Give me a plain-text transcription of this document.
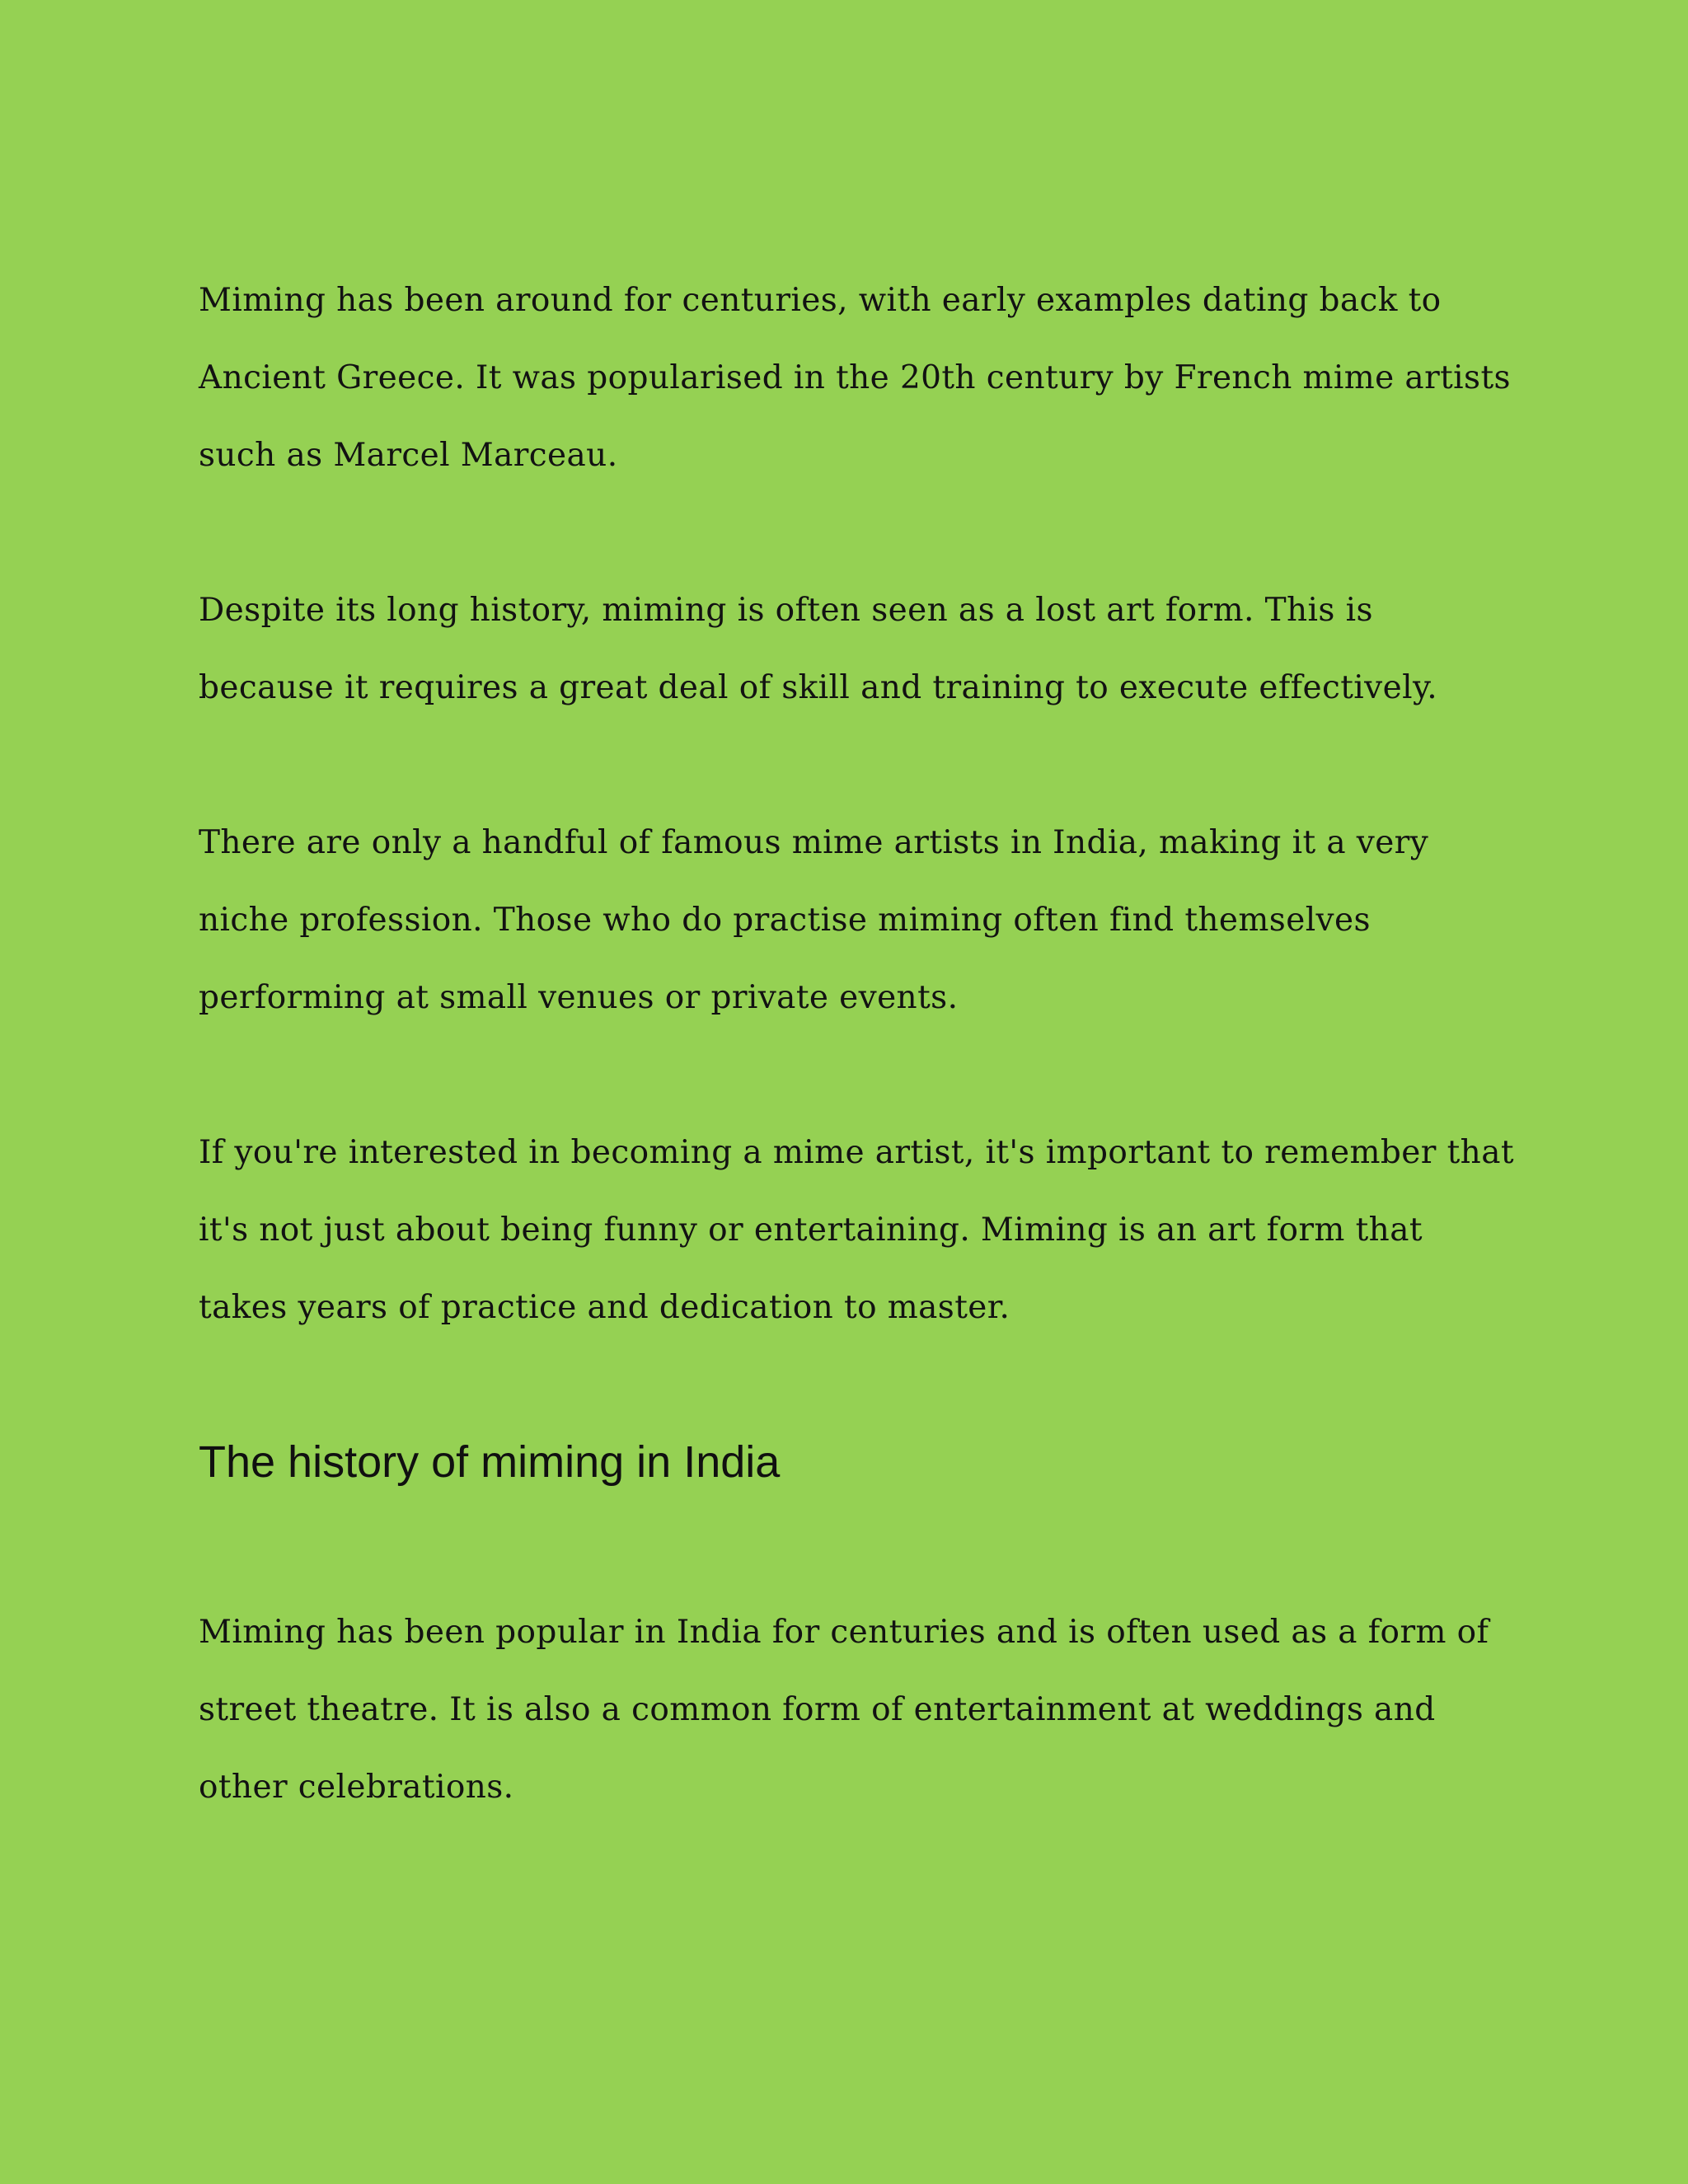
Miming has been around for centuries, with early examples dating back to Ancient Greece. It was popularised in the 20th century by French mime artists such as Marcel Marceau.

Despite its long history, miming is often seen as a lost art form. This is because it requires a great deal of skill and training to execute effectively.

There are only a handful of famous mime artists in India, making it a very niche profession. Those who do practise miming often find themselves performing at small venues or private events.

If you're interested in becoming a mime artist, it's important to remember that it's not just about being funny or entertaining. Miming is an art form that takes years of practice and dedication to master.

The history of miming in India

Miming has been popular in India for centuries and is often used as a form of street theatre. It is also a common form of entertainment at weddings and other celebrations.
